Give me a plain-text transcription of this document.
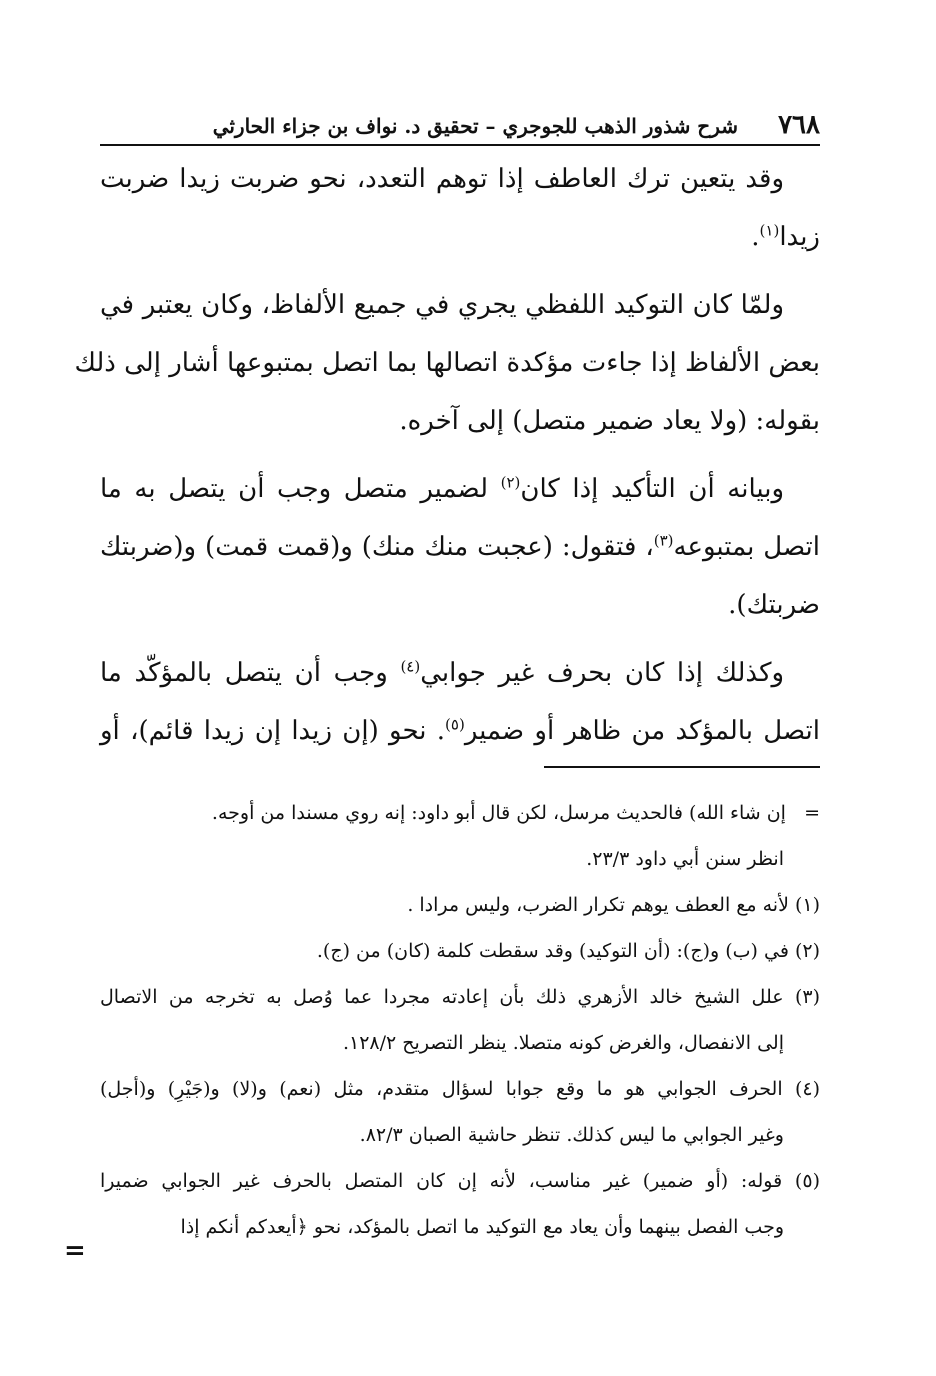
٧٦٨
شرح شذور الذهب للجوجري – تحقيق د. نواف بن جزاء الحارثي
وقد يتعين ترك العاطف إذا توهم التعدد، نحو ضربت زيدا ضربت
زيدا$^{(١)}$.
ولمّا كان التوكيد اللفظي يجري في جميع الألفاظ، وكان يعتبر في
بعض الألفاظ إذا جاءت مؤكدة اتصالها بما اتصل بمتبوعها أشار إلى ذلك
بقوله: (ولا يعاد ضمير متصل) إلى آخره.
وبيانه أن التأكيد إذا كان$^{(٢)}$ لضمير متصل وجب أن يتصل به ما
اتصل بمتبوعه$^{(٣)}$، فتقول: (عجبت منك منك) و(قمت قمت) و(ضربتك
ضربتك).
وكذلك إذا كان بحرف غير جوابي$^{(٤)}$ وجب أن يتصل بالمؤكّد ما
اتصل بالمؤكد من ظاهر أو ضمير$^{(٥)}$. نحو (إن زيدا إن زيدا قائم)، أو
=   إن شاء الله) فالحديث مرسل، لكن قال أبو داود: إنه روي مسندا من أوجه.
انظر سنن أبي داود ٢٣/٣.
(١) لأنه مع العطف يوهم تكرار الضرب، وليس مرادا .
(٢) في (ب) و(ج): (أن التوكيد) وقد سقطت كلمة (كان) من (ج).
(٣) علل الشيخ خالد الأزهري ذلك بأن إعادته مجردا عما وُصل به تخرجه من الاتصال
إلى الانفصال، والغرض كونه متصلا. ينظر التصريح ١٢٨/٢.
(٤) الحرف الجوابي هو ما وقع جوابا لسؤال متقدم، مثل (نعم) و(لا) و(جَيْرِ) و(أجل)
وغير الجوابي ما ليس كذلك. تنظر حاشية الصبان ٨٢/٣.
(٥) قوله: (أو ضمير) غير مناسب، لأنه إن كان المتصل بالحرف غير الجوابي ضميرا
وجب الفصل بينهما وأن يعاد مع التوكيد ما اتصل بالمؤكد، نحو ﴿أيعدكم أنكم إذا
=
